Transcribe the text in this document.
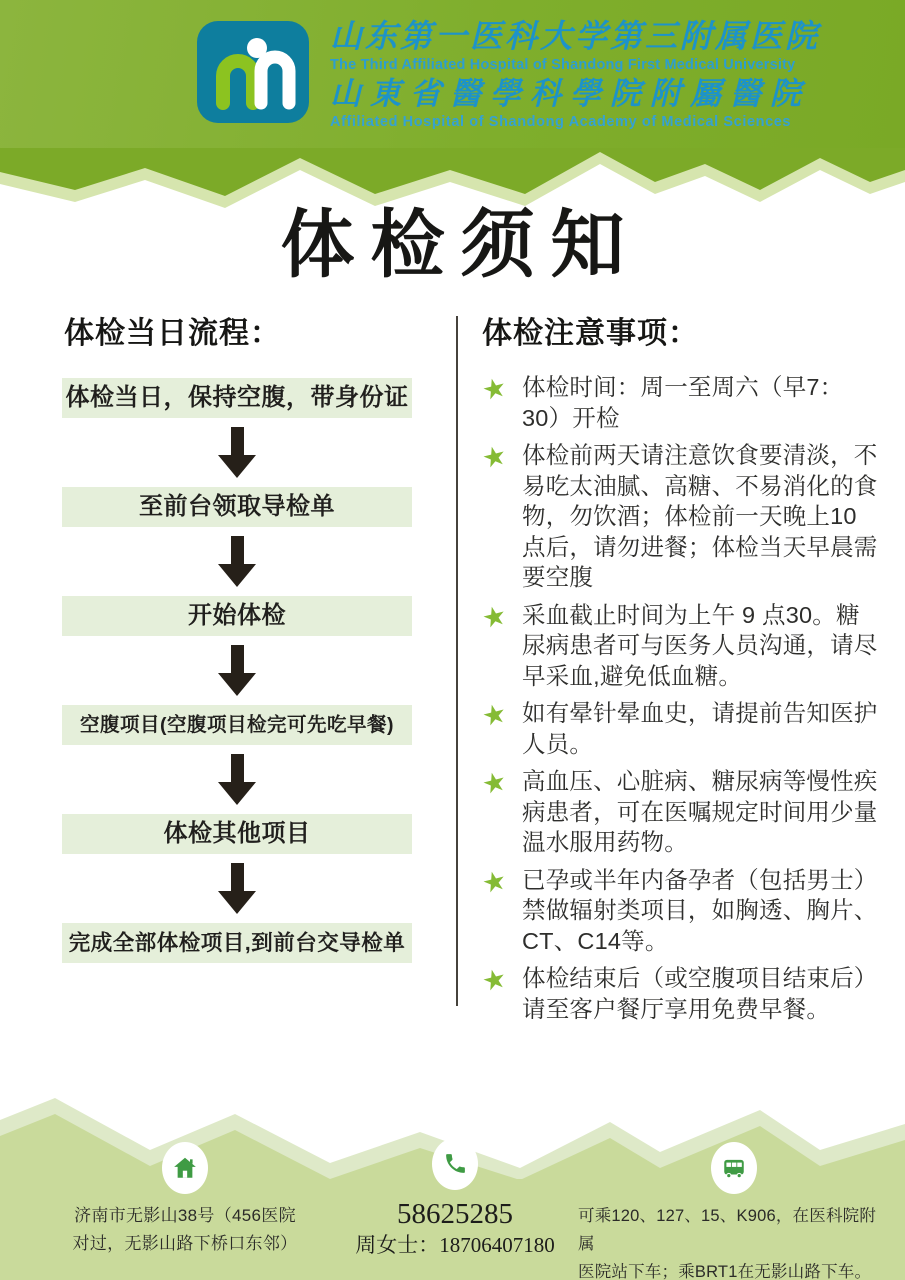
山东第一医科大学第三附属医院
The Third Affiliated Hospital of Shandong First Medical University
山東省醫學科學院附屬醫院
Affiliated Hospital of Shandong Academy of Medical Sciences
体检须知
体检当日流程：
体检当日，保持空腹，带身份证
至前台领取导检单
开始体检
空腹项目(空腹项目检完可先吃早餐)
体检其他项目
完成全部体检项目,到前台交导检单
体检注意事项：
★ 体检时间：周一至周六（早7：30）开检
★ 体检前两天请注意饮食要清淡，不易吃太油腻、高糖、不易消化的食物，勿饮酒；体检前一天晚上10点后，请勿进餐；体检当天早晨需要空腹
★ 采血截止时间为上午 9 点30。糖尿病患者可与医务人员沟通，请尽早采血,避免低血糖。
★ 如有晕针晕血史，请提前告知医护人员。
★ 高血压、心脏病、糖尿病等慢性疾病患者，可在医嘱规定时间用少量温水服用药物。
★ 已孕或半年内备孕者（包括男士）禁做辐射类项目，如胸透、胸片、CT、C14等。
★ 体检结束后（或空腹项目结束后）请至客户餐厅享用免费早餐。
济南市无影山38号（456医院
对过，无影山路下桥口东邻）
58625285
周女士：18706407180
可乘120、127、15、K906，在医科院附属
医院站下车；乘BRT1在无影山路下车。
